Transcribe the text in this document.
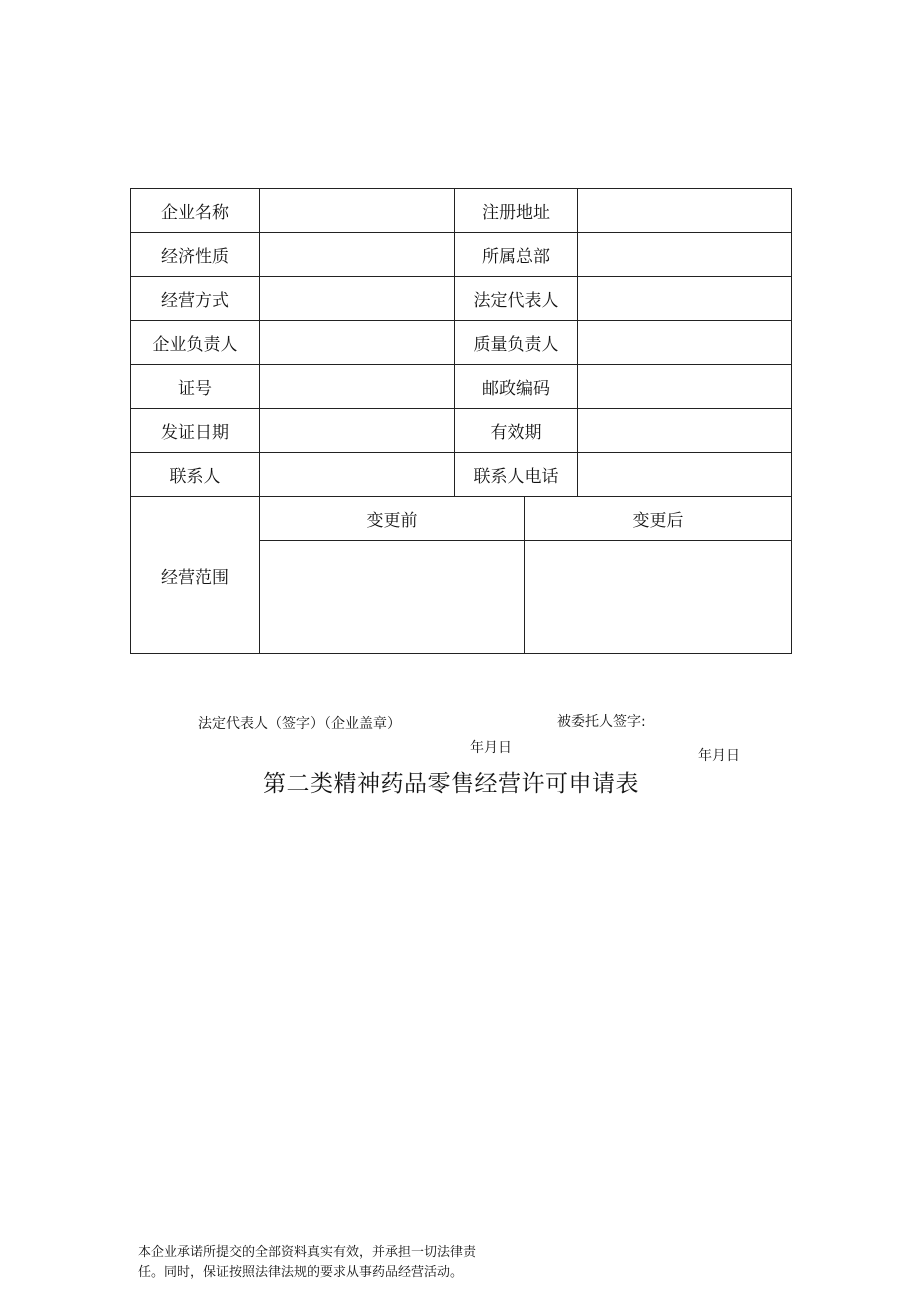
企业名称		注册地址		
经济性质		所属总部		
经营方式		法定代表人		
企业负责人		质量负责人		
证号		邮政编码		
发证日期		有效期		
联系人		联系人电话		
经营范围	变更前		变更后	

法定代表人（签字）（企业盖章）	被委托人签字:
年月日	年月日
第二类精神药品零售经营许可申请表
本企业承诺所提交的全部资料真实有效，并承担一切法律责
任。同时，保证按照法律法规的要求从事药品经营活动。
